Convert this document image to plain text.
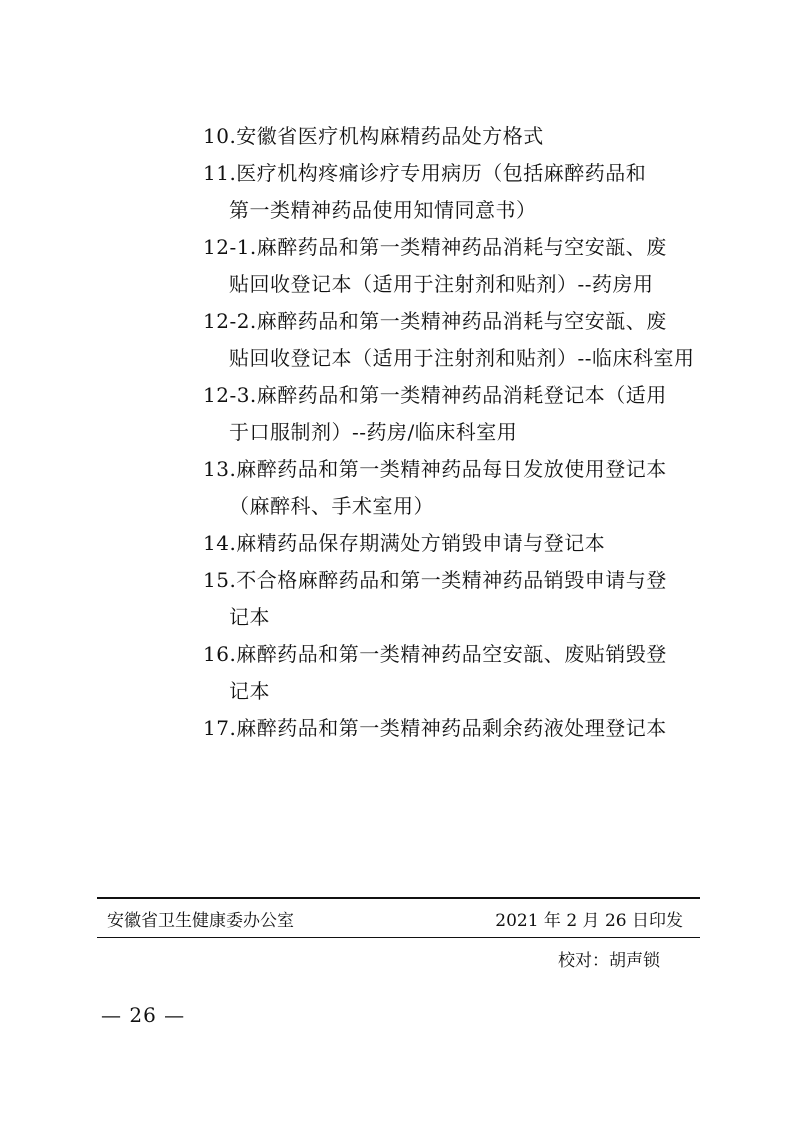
10.安徽省医疗机构麻精药品处方格式
11.医疗机构疼痛诊疗专用病历（包括麻醉药品和
第一类精神药品使用知情同意书）
12-1.麻醉药品和第一类精神药品消耗与空安瓿、废
贴回收登记本（适用于注射剂和贴剂）--药房用
12-2.麻醉药品和第一类精神药品消耗与空安瓿、废
贴回收登记本（适用于注射剂和贴剂）--临床科室用
12-3.麻醉药品和第一类精神药品消耗登记本（适用
于口服制剂）--药房/临床科室用
13.麻醉药品和第一类精神药品每日发放使用登记本
（麻醉科、手术室用）
14.麻精药品保存期满处方销毁申请与登记本
15.不合格麻醉药品和第一类精神药品销毁申请与登
记本
16.麻醉药品和第一类精神药品空安瓿、废贴销毁登
记本
17.麻醉药品和第一类精神药品剩余药液处理登记本
安徽省卫生健康委办公室	2021 年 2 月 26 日印发
校对：胡声锁
— 26 —
